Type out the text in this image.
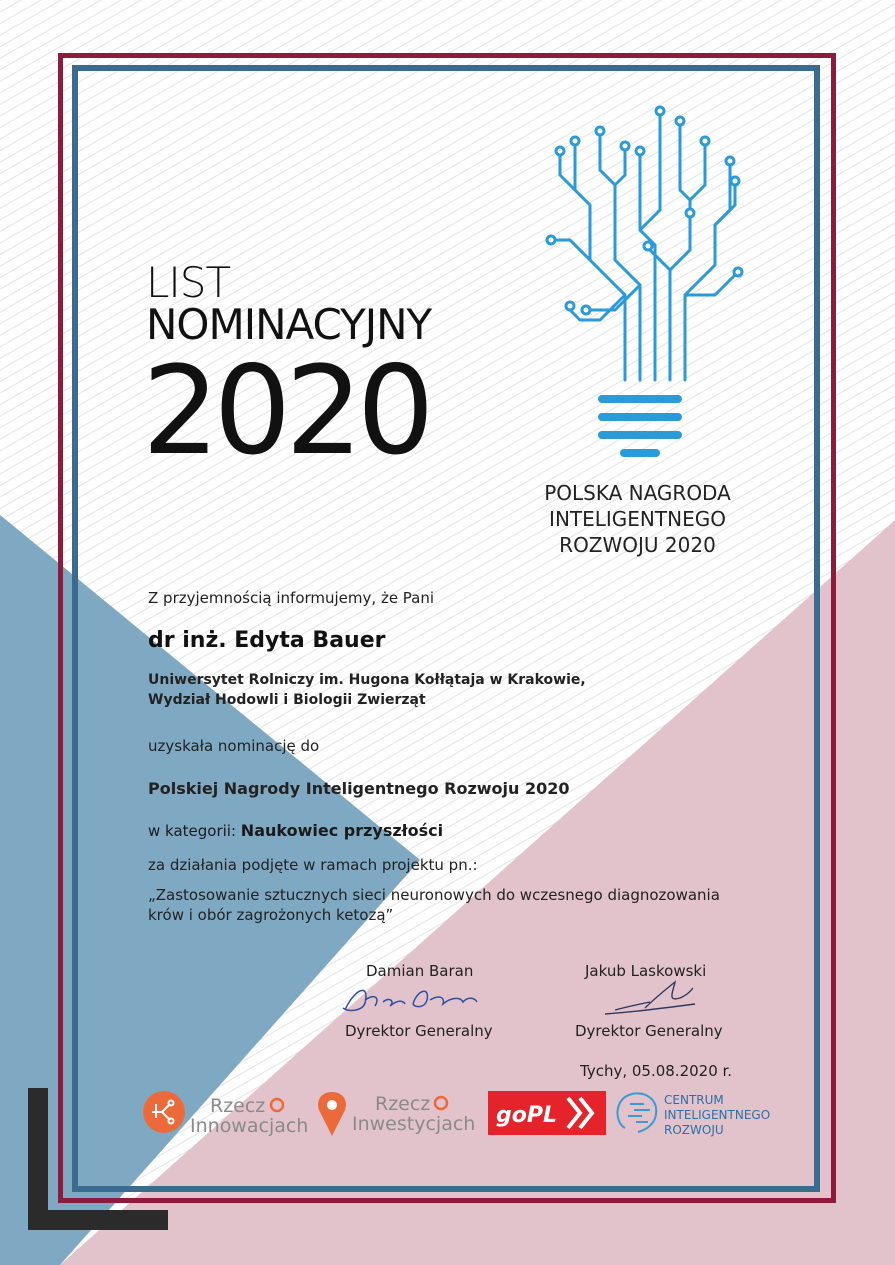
LIST
NOMINACYJNY
2020
POLSKA NAGRODA
INTELIGENTNEGO
ROZWOJU 2020
Z przyjemnością informujemy, że Pani
dr inż. Edyta Bauer
Uniwersytet Rolniczy im. Hugona Kołłątaja w Krakowie,
Wydział Hodowli i Biologii Zwierząt
uzyskała nominację do
Polskiej Nagrody Inteligentnego Rozwoju 2020
w kategorii: Naukowiec przyszłości
za działania podjęte w ramach projektu pn.:
„Zastosowanie sztucznych sieci neuronowych do wczesnego diagnozowania
krów i obór zagrożonych ketozą”
Damian Baran	Jakub Laskowski
Dyrektor Generalny	Dyrektor Generalny
Tychy, 05.08.2020 r.
Rzecz
Innowacjach
Rzecz
Inwestycjach goPL
CENTRUM
INTELIGENTNEGO
ROZWOJU
